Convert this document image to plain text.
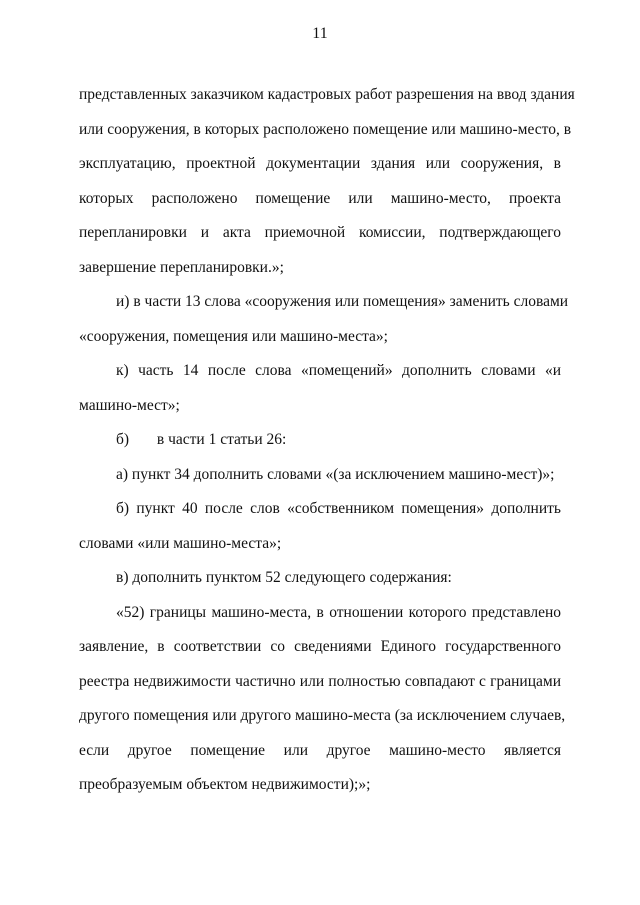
11
представленных заказчиком кадастровых работ разрешения на ввод здания
или сооружения, в которых расположено помещение или машино-место, в
эксплуатацию, проектной документации здания или сооружения, в
которых расположено помещение или машино-место, проекта
перепланировки и акта приемочной комиссии, подтверждающего
завершение перепланировки.»;
и) в части 13 слова «сооружения или помещения» заменить словами
«сооружения, помещения или машино-места»;
к) часть 14 после слова «помещений» дополнить словами «и
машино-мест»;
б) в части 1 статьи 26:
а) пункт 34 дополнить словами «(за исключением машино-мест)»;
б) пункт 40 после слов «собственником помещения» дополнить
словами «или машино-места»;
в) дополнить пунктом 52 следующего содержания:
«52) границы машино-места, в отношении которого представлено
заявление, в соответствии со сведениями Единого государственного
реестра недвижимости частично или полностью совпадают с границами
другого помещения или другого машино-места (за исключением случаев,
если другое помещение или другое машино-место является
преобразуемым объектом недвижимости);»;
